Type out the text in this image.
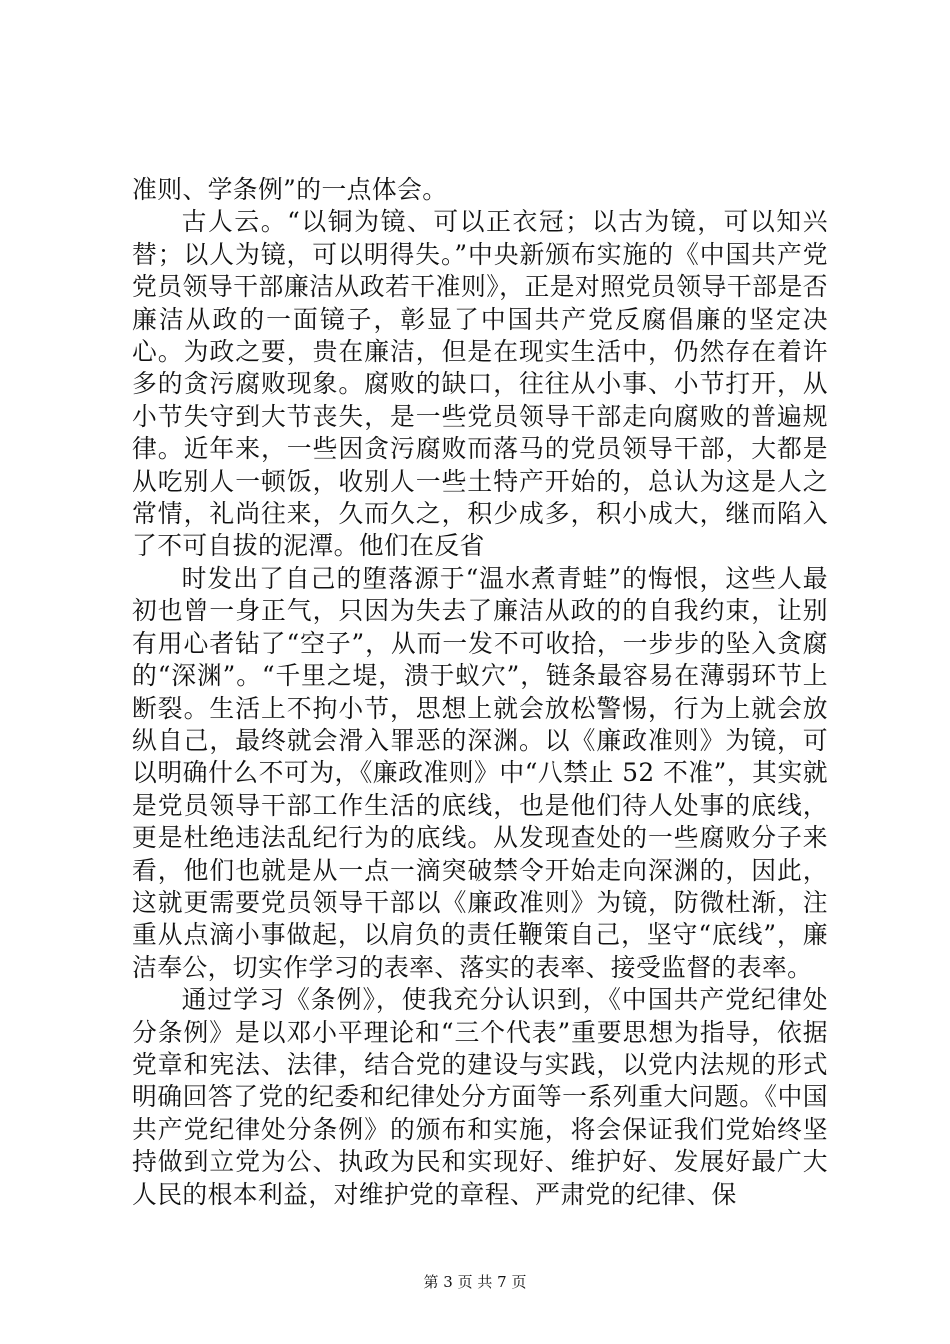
准则、学条例”的一点体会。

古人云。“以铜为镜、可以正衣冠；以古为镜，可以知兴替；以人为镜，可以明得失。”中央新颁布实施的《中国共产党党员领导干部廉洁从政若干准则》，正是对照党员领导干部是否廉洁从政的一面镜子，彰显了中国共产党反腐倡廉的坚定决心。为政之要，贵在廉洁，但是在现实生活中，仍然存在着许多的贪污腐败现象。腐败的缺口，往往从小事、小节打开，从小节失守到大节丧失，是一些党员领导干部走向腐败的普遍规律。近年来，一些因贪污腐败而落马的党员领导干部，大都是从吃别人一顿饭，收别人一些土特产开始的，总认为这是人之常情，礼尚往来，久而久之，积少成多，积小成大，继而陷入了不可自拔的泥潭。他们在反省

时发出了自己的堕落源于“温水煮青蛙”的悔恨，这些人最初也曾一身正气，只因为失去了廉洁从政的的自我约束，让别有用心者钻了“空子”，从而一发不可收拾，一步步的坠入贪腐的“深渊”。“千里之堤，溃于蚁穴”，链条最容易在薄弱环节上断裂。生活上不拘小节，思想上就会放松警惕，行为上就会放纵自己，最终就会滑入罪恶的深渊。以《廉政准则》为镜，可以明确什么不可为，《廉政准则》中“八禁止 52 不准”，其实就是党员领导干部工作生活的底线，也是他们待人处事的底线，更是杜绝违法乱纪行为的底线。从发现查处的一些腐败分子来看，他们也就是从一点一滴突破禁令开始走向深渊的，因此，这就更需要党员领导干部以《廉政准则》为镜，防微杜渐，注重从点滴小事做起，以肩负的责任鞭策自己，坚守“底线”，廉洁奉公，切实作学习的表率、落实的表率、接受监督的表率。

通过学习《条例》，使我充分认识到，《中国共产党纪律处分条例》是以邓小平理论和“三个代表”重要思想为指导，依据党章和宪法、法律，结合党的建设与实践，以党内法规的形式明确回答了党的纪委和纪律处分方面等一系列重大问题。《中国共产党纪律处分条例》的颁布和实施，将会保证我们党始终坚持做到立党为公、执政为民和实现好、维护好、发展好最广大人民的根本利益，对维护党的章程、严肃党的纪律、保

第 3 页 共 7 页
